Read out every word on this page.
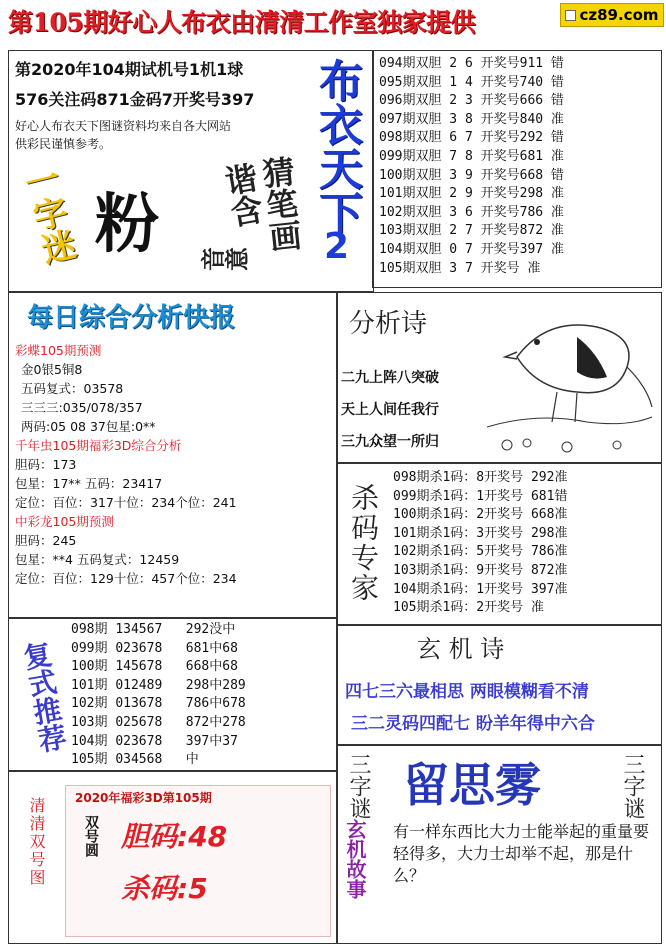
第105期好心人布衣由清清工作室独家提供	cz89.com
第2020年104期试机号1机1球
576关注码871金码7开奖号397
好心人布衣天下图谜资料均来自各大网站
供彩民谨慎参考。
一字迷 粉	猜笔画
谐含
音意
布衣天下
2
094期双胆 2 6 开奖号911 错
095期双胆 1 4 开奖号740 错
096期双胆 2 3 开奖号666 错
097期双胆 3 8 开奖号840 准
098期双胆 6 7 开奖号292 错
099期双胆 7 8 开奖号681 准
100期双胆 3 9 开奖号668 错
101期双胆 2 9 开奖号298 准
102期双胆 3 6 开奖号786 准
103期双胆 2 7 开奖号872 准
104期双胆 0 7 开奖号397 准
105期双胆 3 7 开奖号 准
每日综合分析快报
彩蝶105期预测
金0银5铜8
五码复式：03578
三三三:035/078/357
两码:05 08 37包星:0**
千年虫105期福彩3D综合分析
胆码：173
包星：17** 五码：23417
定位：百位：317十位：234个位：241
中彩龙105期预测
胆码：245
包星：**4 五码复式：12459
定位：百位：129十位：457个位：234
分析诗
二九上阵八突破
天上人间任我行
三九众望一所归
杀码专家
098期杀1码：8开奖号 292准
099期杀1码：1开奖号 681错
100期杀1码：2开奖号 668准
101期杀1码：3开奖号 298准
102期杀1码：5开奖号 786准
103期杀1码：9开奖号 872准
104期杀1码：1开奖号 397准
105期杀1码：2开奖号 准
复式推荐
098期 134567 292没中
099期 023678 681中68
100期 145678 668中68
101期 012489 298中289
102期 013678 786中678
103期 025678 872中278
104期 023678 397中37
105期 034568 中
玄 机 诗
四七三六最相思 两眼模糊看不清
三二灵码四配七 盼羊年得中六合
清清双号图 2020年福彩3D第105期
双号圆 胆码:48
杀码:5
三字谜 留思雾	三字谜
玄机故事 有一样东西比大力士能举起的重量要轻得多，大力士却举不起，那是什么？
